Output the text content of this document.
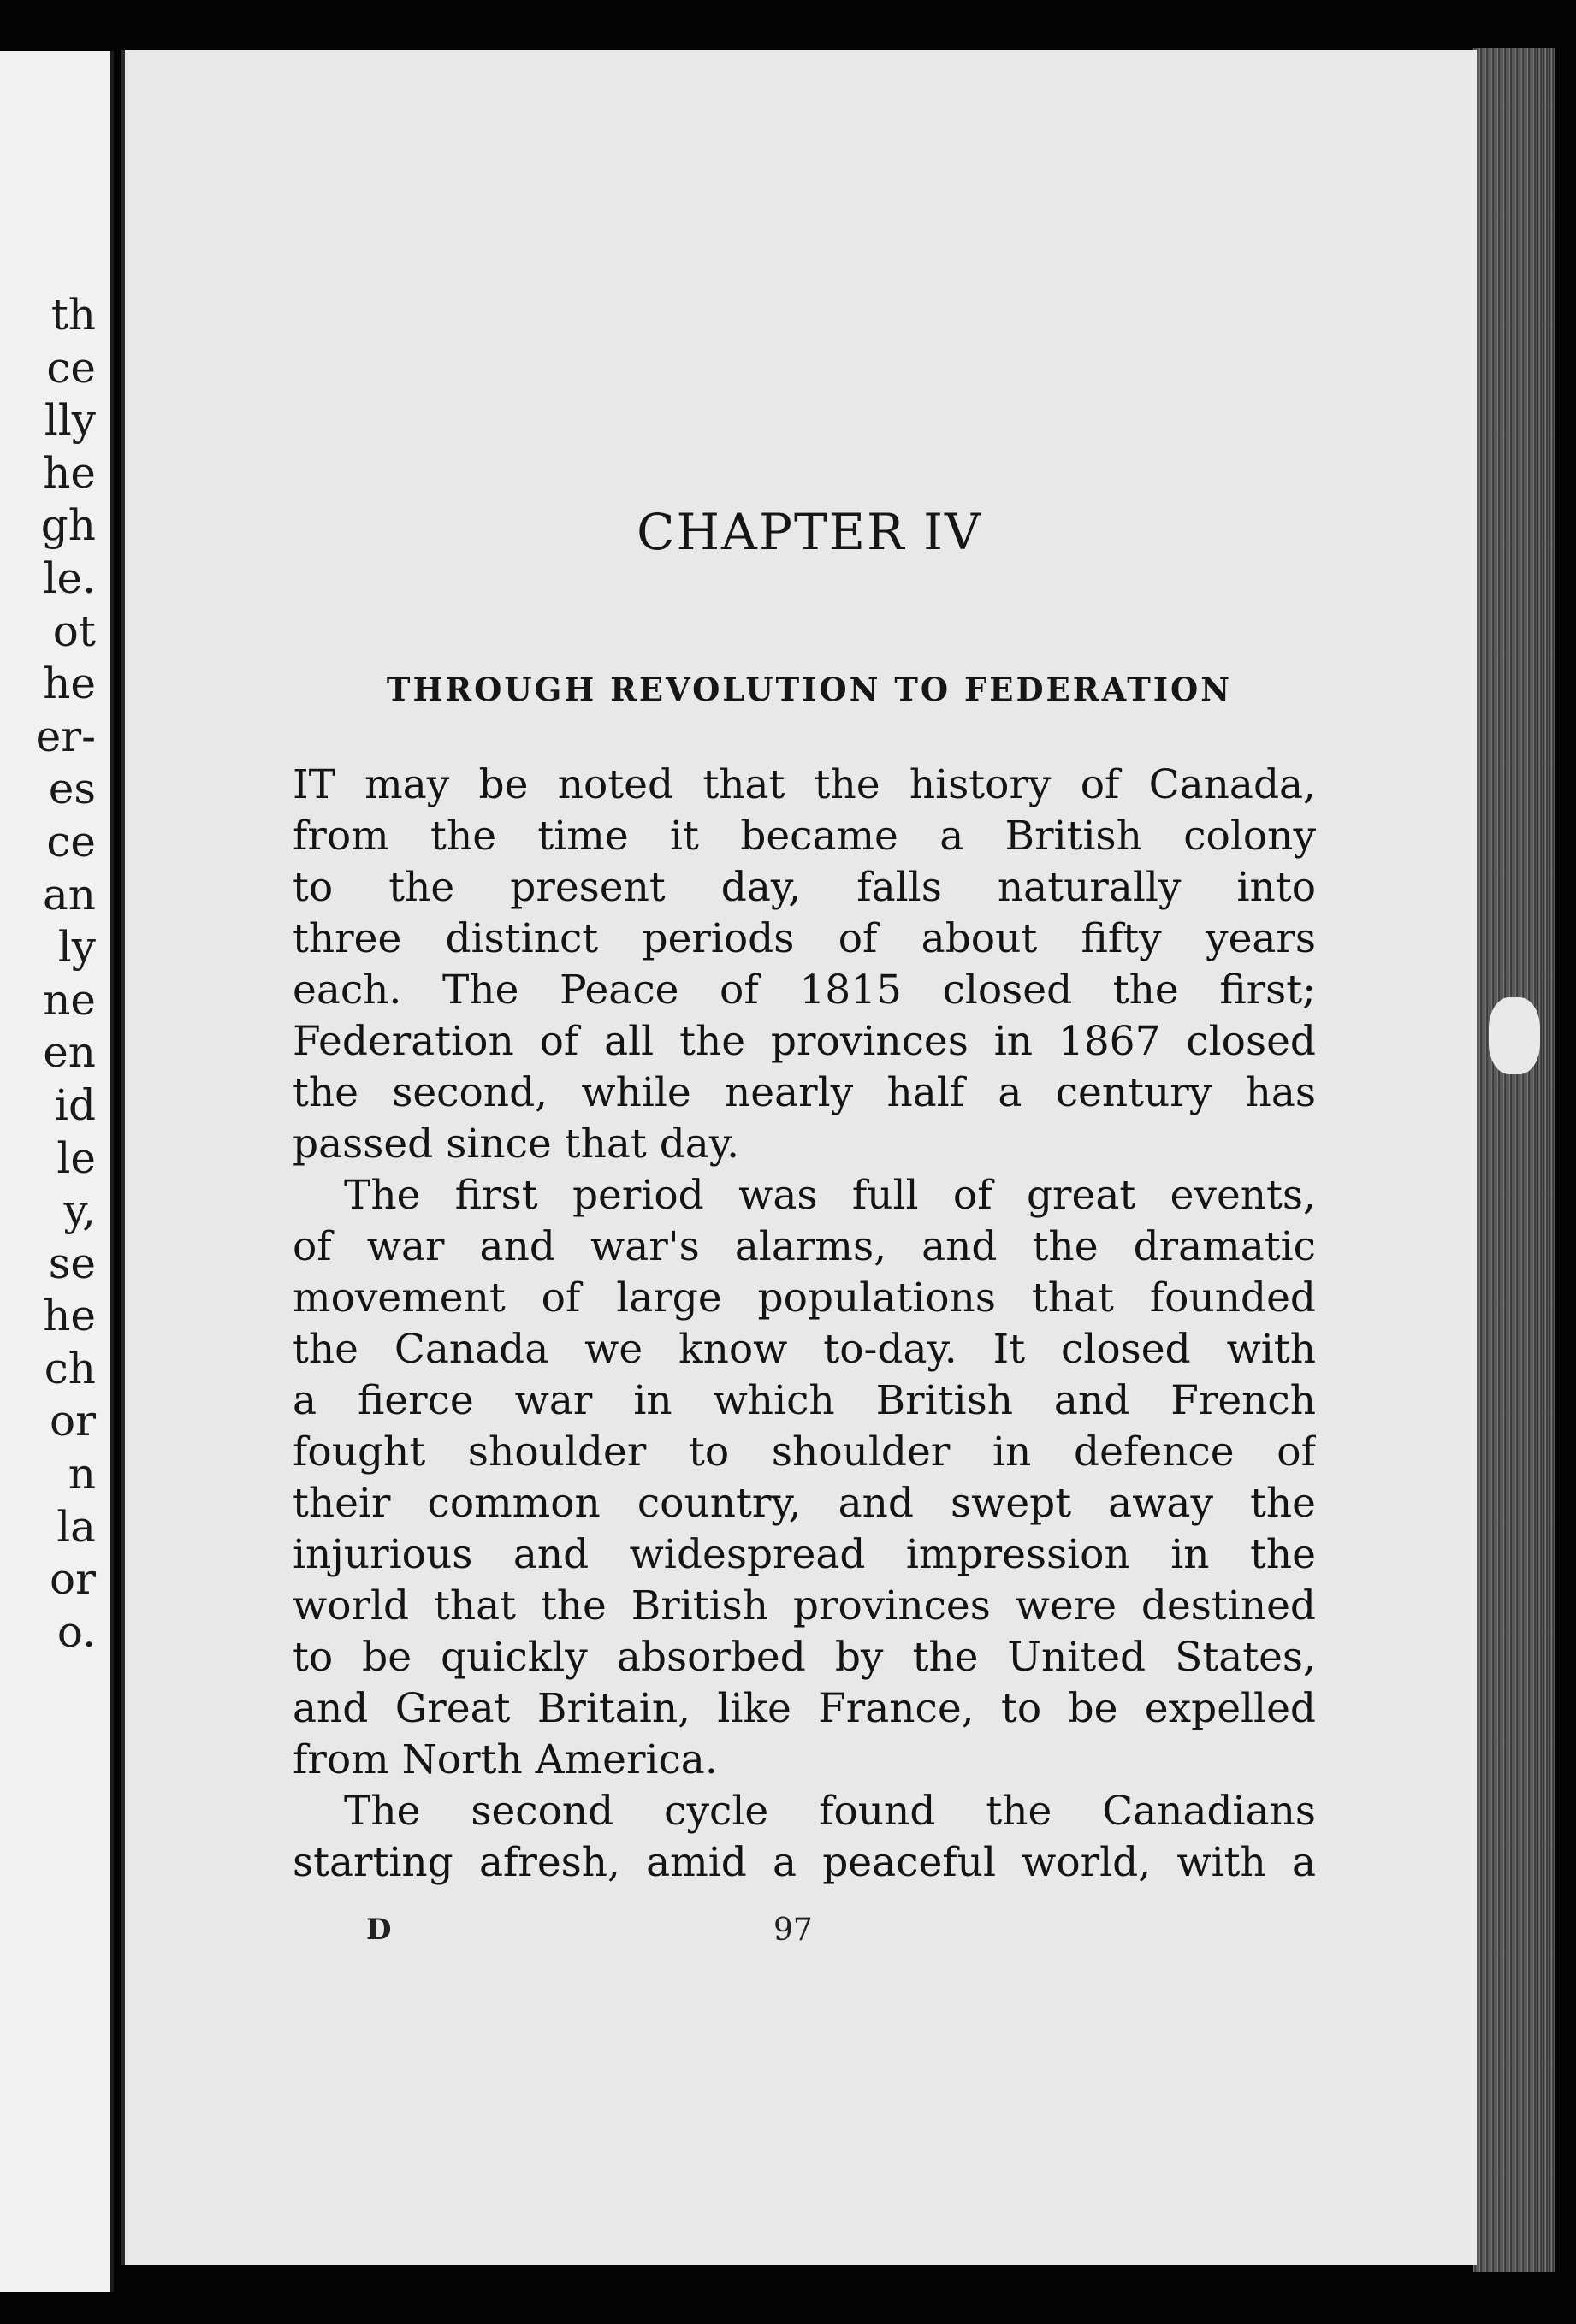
th
ce
lly
he
gh
le.
ot
he
er-
es
ce
an
ly
ne
en
id
le
y,
se
he
ch
or
n
la
or
o.
CHAPTER IV
THROUGH REVOLUTION TO FEDERATION

IT may be noted that the history of Canada,
from the time it became a British colony
to the present day, falls naturally into
three distinct periods of about fifty years
each. The Peace of 1815 closed the first;
Federation of all the provinces in 1867 closed
the second, while nearly half a century has
passed since that day.

The first period was full of great events,
of war and war's alarms, and the dramatic
movement of large populations that founded
the Canada we know to-day. It closed with
a fierce war in which British and French
fought shoulder to shoulder in defence of
their common country, and swept away the
injurious and widespread impression in the
world that the British provinces were destined
to be quickly absorbed by the United States,
and Great Britain, like France, to be expelled
from North America.

The second cycle found the Canadians
starting afresh, amid a peaceful world, with a

D	97
